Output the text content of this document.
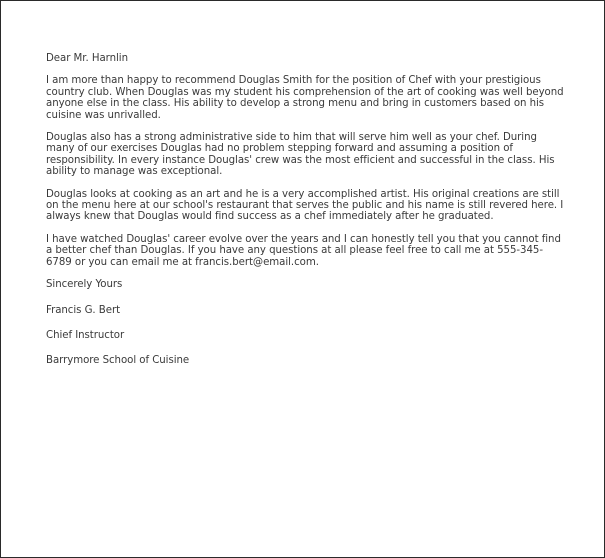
Dear Mr. Harnlin

I am more than happy to recommend Douglas Smith for the position of Chef with your prestigious country club. When Douglas was my student his comprehension of the art of cooking was well beyond anyone else in the class. His ability to develop a strong menu and bring in customers based on his cuisine was unrivalled.

Douglas also has a strong administrative side to him that will serve him well as your chef. During many of our exercises Douglas had no problem stepping forward and assuming a position of responsibility. In every instance Douglas' crew was the most efficient and successful in the class. His ability to manage was exceptional.

Douglas looks at cooking as an art and he is a very accomplished artist. His original creations are still on the menu here at our school's restaurant that serves the public and his name is still revered here. I always knew that Douglas would find success as a chef immediately after he graduated.

I have watched Douglas' career evolve over the years and I can honestly tell you that you cannot find a better chef than Douglas. If you have any questions at all please feel free to call me at 555-345-6789 or you can email me at francis.bert@email.com.

Sincerely Yours

Francis G. Bert

Chief Instructor

Barrymore School of Cuisine
